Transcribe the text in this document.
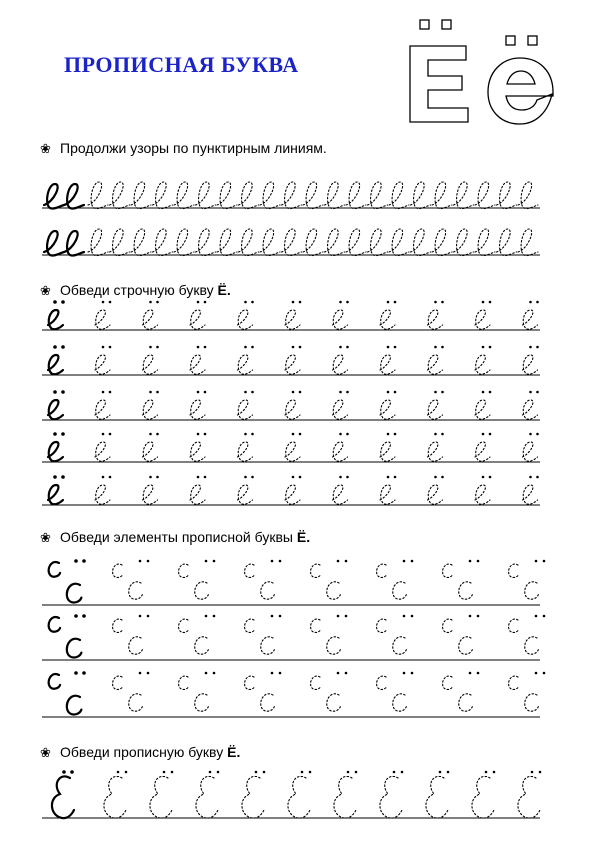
ПРОПИСНАЯ БУКВА
❀ Продолжи узоры по пунктирным линиям.
❀ Обведи строчную букву Ё.
❀ Обведи элементы прописной буквы Ё.
❀ Обведи прописную букву Ё.
